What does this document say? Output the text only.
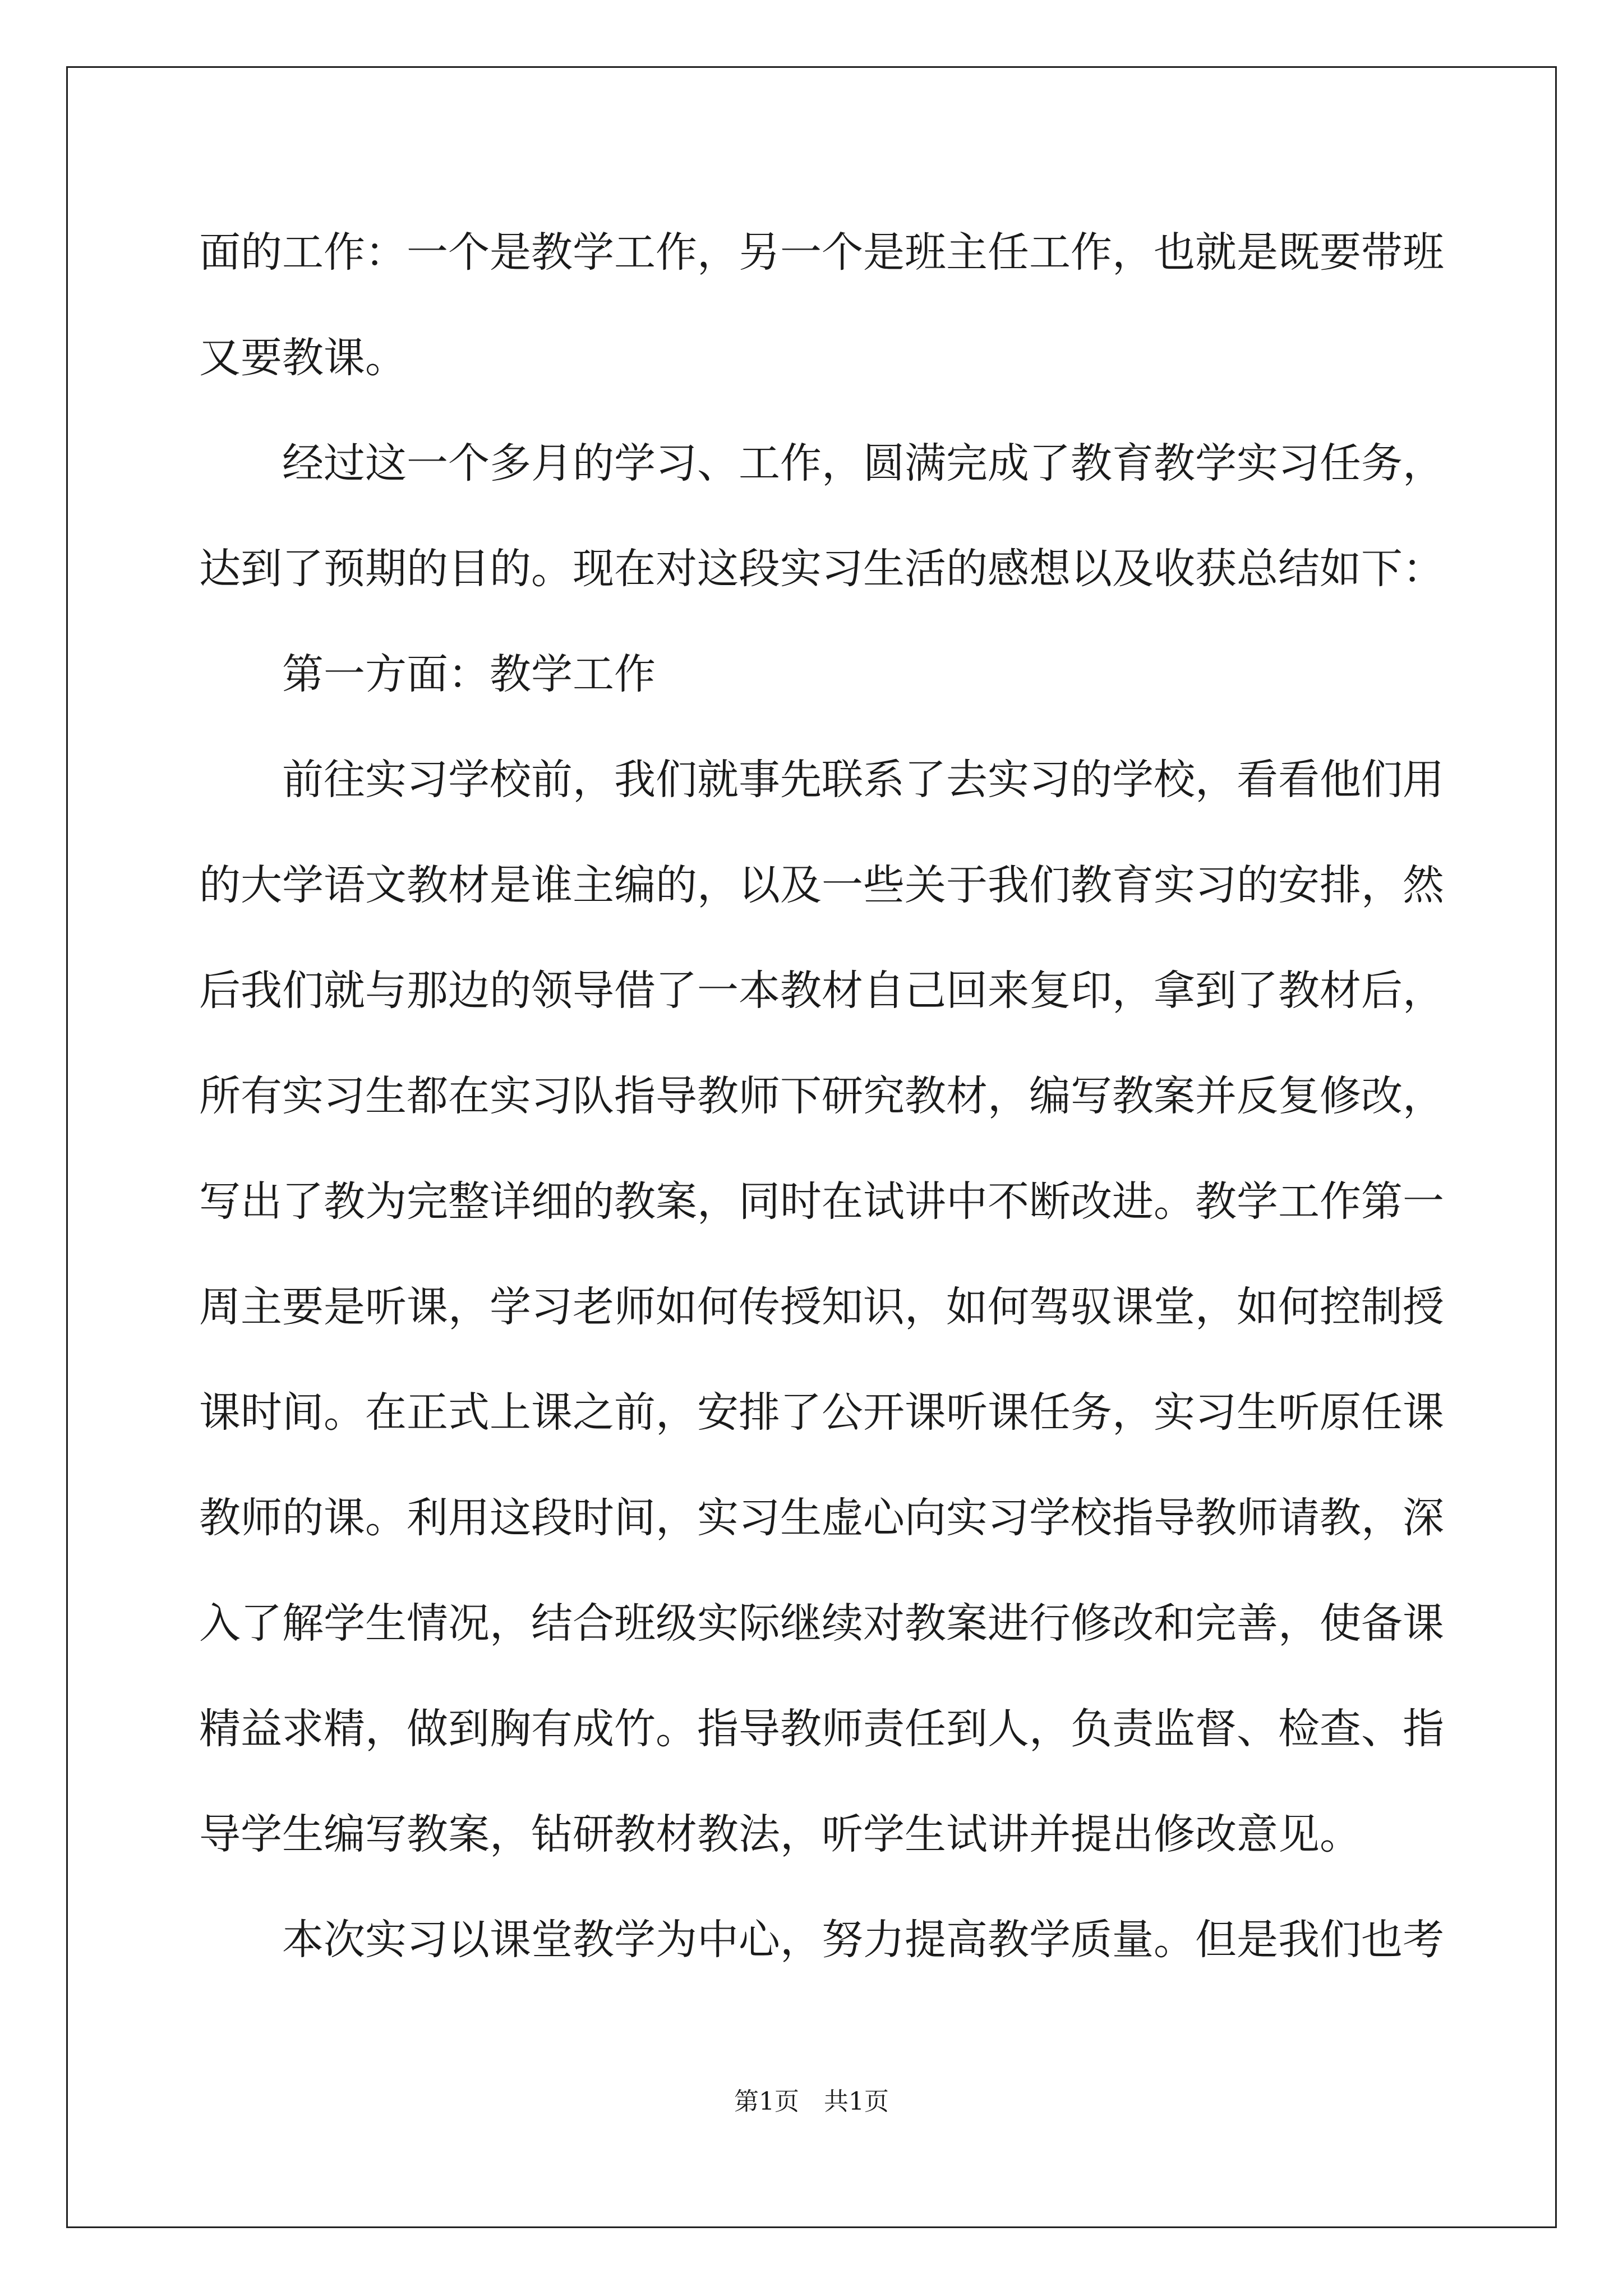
面的工作：一个是教学工作，另一个是班主任工作，也就是既要带班
又要教课。
经过这一个多月的学习、工作，圆满完成了教育教学实习任务，
达到了预期的目的。现在对这段实习生活的感想以及收获总结如下：
第一方面：教学工作
前往实习学校前，我们就事先联系了去实习的学校，看看他们用
的大学语文教材是谁主编的，以及一些关于我们教育实习的安排，然
后我们就与那边的领导借了一本教材自己回来复印，拿到了教材后，
所有实习生都在实习队指导教师下研究教材，编写教案并反复修改，
写出了教为完整详细的教案，同时在试讲中不断改进。教学工作第一
周主要是听课，学习老师如何传授知识，如何驾驭课堂，如何控制授
课时间。在正式上课之前，安排了公开课听课任务，实习生听原任课
教师的课。利用这段时间，实习生虚心向实习学校指导教师请教，深
入了解学生情况，结合班级实际继续对教案进行修改和完善，使备课
精益求精，做到胸有成竹。指导教师责任到人，负责监督、检查、指
导学生编写教案，钻研教材教法，听学生试讲并提出修改意见。
本次实习以课堂教学为中心，努力提高教学质量。但是我们也考
第1页　共1页
